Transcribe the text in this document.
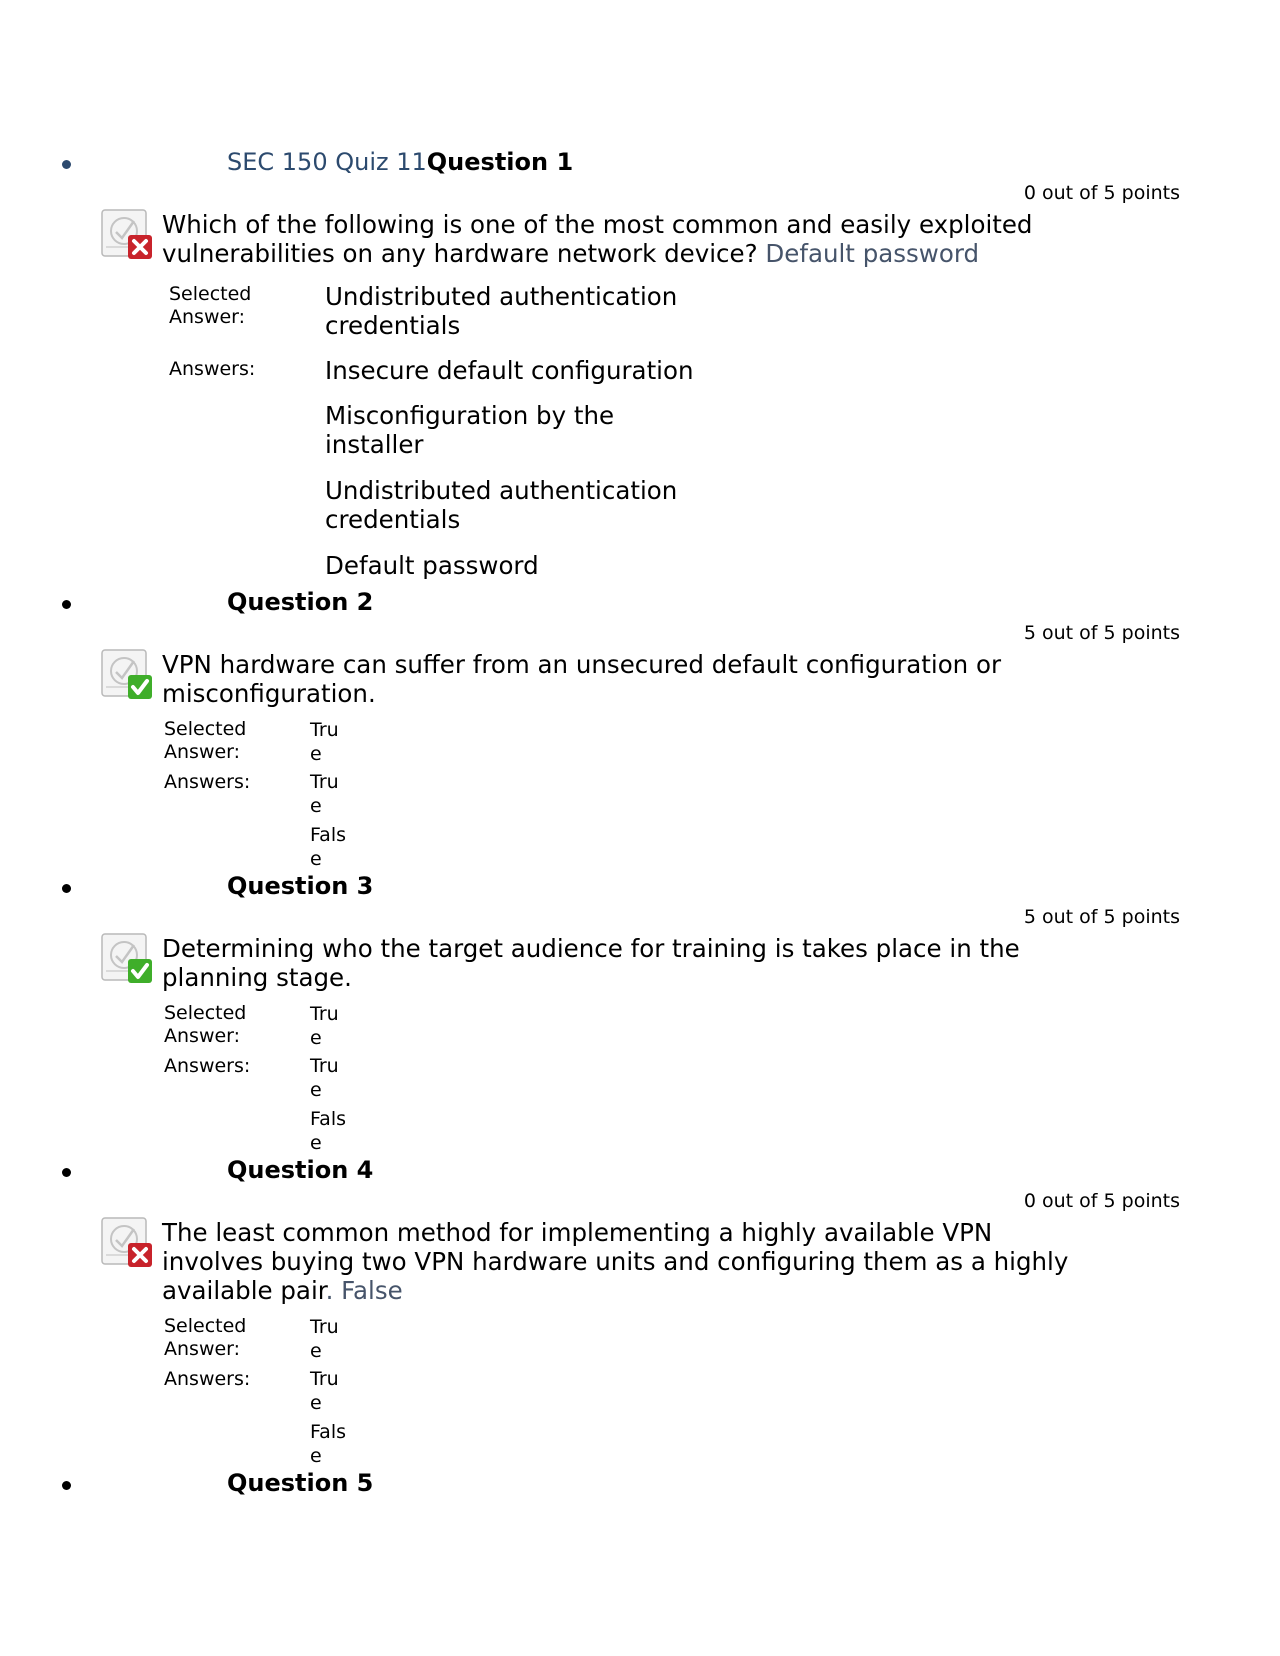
SEC 150 Quiz 11Question 1
0 out of 5 points
Which of the following is one of the most common and easily exploited vulnerabilities on any hardware network device? Default password
Selected
Answer:
Undistributed authentication credentials
Answers:	Insecure default configuration
Misconfiguration by the installer
Undistributed authentication credentials
Default password
Question 2
5 out of 5 points
VPN hardware can suffer from an unsecured default configuration or misconfiguration.
Selected
Answer:
True
Answers:	True
False
Question 3
5 out of 5 points
Determining who the target audience for training is takes place in the planning stage.
Selected
Answer:
True
Answers:	True
False
Question 4
0 out of 5 points
The least common method for implementing a highly available VPN involves buying two VPN hardware units and configuring them as a highly available pair. False
Selected
Answer:
True
Answers:	True
False
Question 5
